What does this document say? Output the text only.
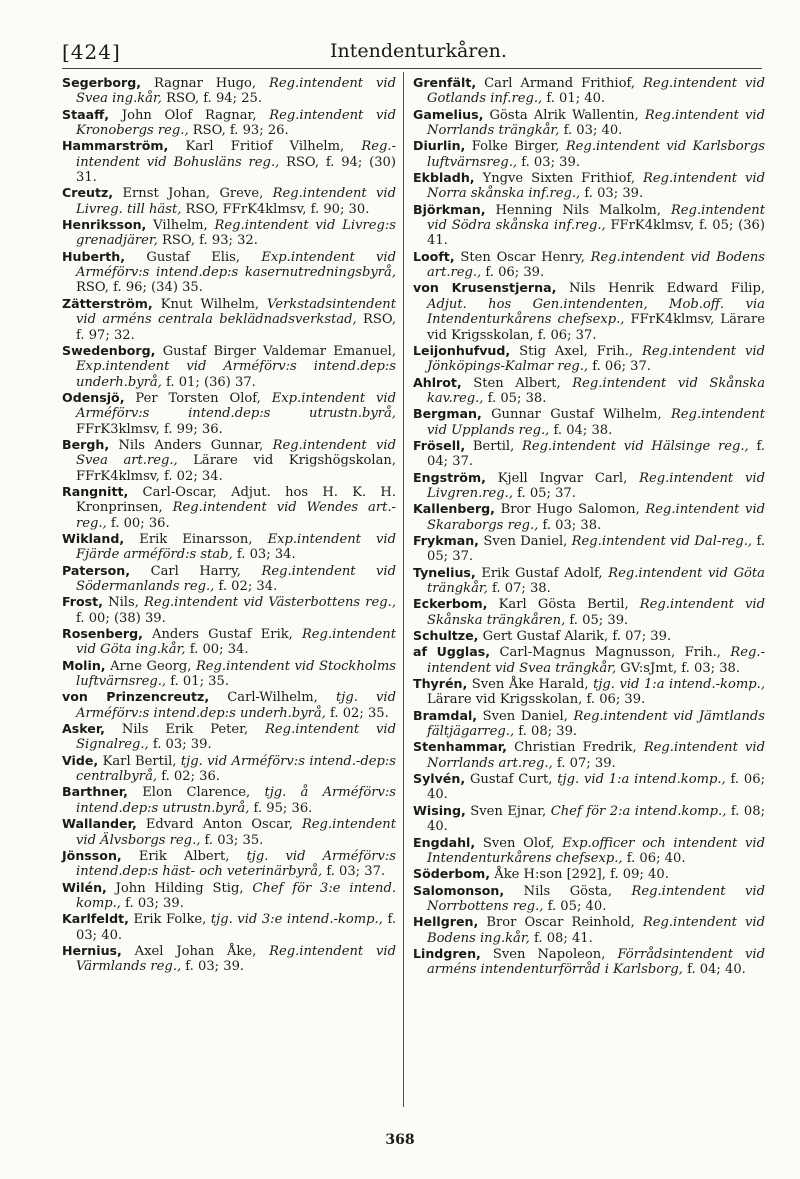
[424]	Intendenturkåren.

Segerborg, Ragnar Hugo, Reg.intendent vid Svea ing.kår, RSO, f. 94; 25.

Staaff, John Olof Ragnar, Reg.intendent vid Kronobergs reg., RSO, f. 93; 26.

Hammarström, Karl Fritiof Vilhelm, Reg.-intendent vid Bohusläns reg., RSO, f. 94; (30) 31.

Creutz, Ernst Johan, Greve, Reg.intendent vid Livreg. till häst, RSO, FFrK4klmsv, f. 90; 30.

Henriksson, Vilhelm, Reg.intendent vid Livreg:s grenadjärer, RSO, f. 93; 32.

Huberth, Gustaf Elis, Exp.intendent vid Arméförv:s intend.dep:s kasernutredningsbyrå, RSO, f. 96; (34) 35.

Zätterström, Knut Wilhelm, Verkstadsintendent vid arméns centrala beklädnadsverkstad, RSO, f. 97; 32.

Swedenborg, Gustaf Birger Valdemar Emanuel, Exp.intendent vid Arméförv:s intend.dep:s underh.byrå, f. 01; (36) 37.

Odensjö, Per Torsten Olof, Exp.intendent vid Arméförv:s intend.dep:s utrustn.byrå, FFrK3klmsv, f. 99; 36.

Bergh, Nils Anders Gunnar, Reg.intendent vid Svea art.reg., Lärare vid Krigshögskolan, FFrK4klmsv, f. 02; 34.

Rangnitt, Carl-Oscar, Adjut. hos H. K. H. Kronprinsen, Reg.intendent vid Wendes art.-reg., f. 00; 36.

Wikland, Erik Einarsson, Exp.intendent vid Fjärde arméförd:s stab, f. 03; 34.

Paterson, Carl Harry, Reg.intendent vid Södermanlands reg., f. 02; 34.

Frost, Nils, Reg.intendent vid Västerbottens reg., f. 00; (38) 39.

Rosenberg, Anders Gustaf Erik, Reg.intendent vid Göta ing.kår, f. 00; 34.

Molin, Arne Georg, Reg.intendent vid Stockholms luftvärnsreg., f. 01; 35.

von Prinzencreutz, Carl-Wilhelm, tjg. vid Arméförv:s intend.dep:s underh.byrå, f. 02; 35.

Asker, Nils Erik Peter, Reg.intendent vid Signalreg., f. 03; 39.

Vide, Karl Bertil, tjg. vid Arméförv:s intend.-dep:s centralbyrå, f. 02; 36.

Barthner, Elon Clarence, tjg. å Arméförv:s intend.dep:s utrustn.byrå, f. 95; 36.

Wallander, Edvard Anton Oscar, Reg.intendent vid Älvsborgs reg., f. 03; 35.

Jönsson, Erik Albert, tjg. vid Arméförv:s intend.dep:s häst- och veterinärbyrå, f. 03; 37.

Wilén, John Hilding Stig, Chef för 3:e intend. komp., f. 03; 39.

Karlfeldt, Erik Folke, tjg. vid 3:e intend.-komp., f. 03; 40.

Hernius, Axel Johan Åke, Reg.intendent vid Värmlands reg., f. 03; 39.

Grenfält, Carl Armand Frithiof, Reg.intendent vid Gotlands inf.reg., f. 01; 40.

Gamelius, Gösta Alrik Wallentin, Reg.intendent vid Norrlands trängkår, f. 03; 40.

Diurlin, Folke Birger, Reg.intendent vid Karlsborgs luftvärnsreg., f. 03; 39.

Ekbladh, Yngve Sixten Frithiof, Reg.intendent vid Norra skånska inf.reg., f. 03; 39.

Björkman, Henning Nils Malkolm, Reg.intendent vid Södra skånska inf.reg., FFrK4klmsv, f. 05; (36) 41.

Looft, Sten Oscar Henry, Reg.intendent vid Bodens art.reg., f. 06; 39.

von Krusenstjerna, Nils Henrik Edward Filip, Adjut. hos Gen.intendenten, Mob.off. via Intendenturkårens chefsexp., FFrK4klmsv, Lärare vid Krigsskolan, f. 06; 37.

Leijonhufvud, Stig Axel, Frih., Reg.intendent vid Jönköpings-Kalmar reg., f. 06; 37.

Ahlrot, Sten Albert, Reg.intendent vid Skånska kav.reg., f. 05; 38.

Bergman, Gunnar Gustaf Wilhelm, Reg.intendent vid Upplands reg., f. 04; 38.

Frösell, Bertil, Reg.intendent vid Hälsinge reg., f. 04; 37.

Engström, Kjell Ingvar Carl, Reg.intendent vid Livgren.reg., f. 05; 37.

Kallenberg, Bror Hugo Salomon, Reg.intendent vid Skaraborgs reg., f. 03; 38.

Frykman, Sven Daniel, Reg.intendent vid Dal-reg., f. 05; 37.

Tynelius, Erik Gustaf Adolf, Reg.intendent vid Göta trängkår, f. 07; 38.

Eckerbom, Karl Gösta Bertil, Reg.intendent vid Skånska trängkåren, f. 05; 39.

Schultze, Gert Gustaf Alarik, f. 07; 39.

af Ugglas, Carl-Magnus Magnusson, Frih., Reg.-intendent vid Svea trängkår, GV:sJmt, f. 03; 38.

Thyrén, Sven Åke Harald, tjg. vid 1:a intend.-komp., Lärare vid Krigsskolan, f. 06; 39.

Bramdal, Sven Daniel, Reg.intendent vid Jämtlands fältjägarreg., f. 08; 39.

Stenhammar, Christian Fredrik, Reg.intendent vid Norrlands art.reg., f. 07; 39.

Sylvén, Gustaf Curt, tjg. vid 1:a intend.komp., f. 06; 40.

Wising, Sven Ejnar, Chef för 2:a intend.komp., f. 08; 40.

Engdahl, Sven Olof, Exp.officer och intendent vid Intendenturkårens chefsexp., f. 06; 40.

Söderbom, Åke H:son [292], f. 09; 40.

Salomonson, Nils Gösta, Reg.intendent vid Norrbottens reg., f. 05; 40.

Hellgren, Bror Oscar Reinhold, Reg.intendent vid Bodens ing.kår, f. 08; 41.

Lindgren, Sven Napoleon, Förrådsintendent vid arméns intendenturförråd i Karlsborg, f. 04; 40.

368
